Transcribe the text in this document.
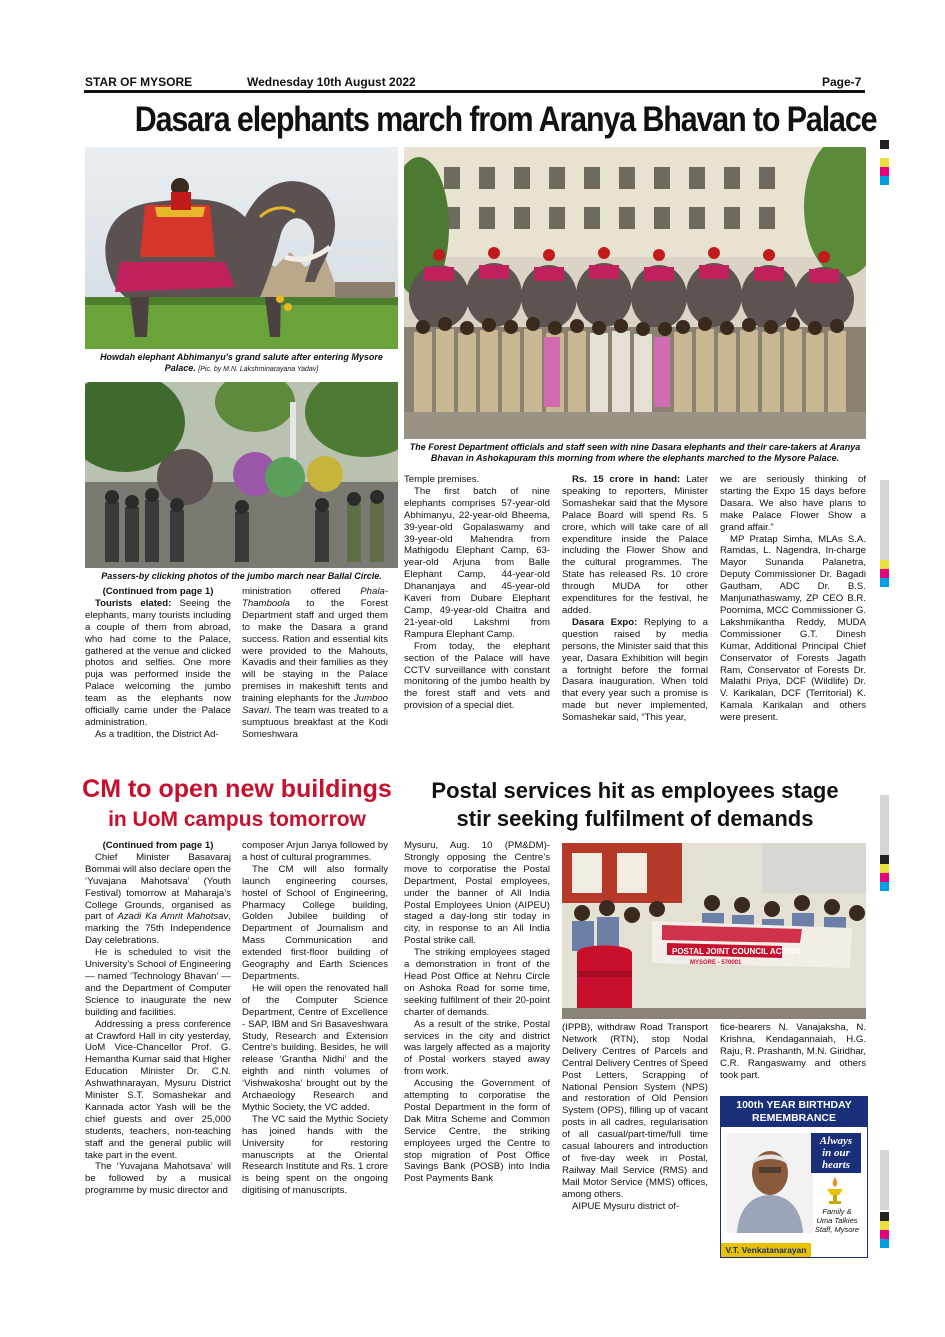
STAR OF MYSORE	Wednesday 10th August 2022	Page-7
Dasara elephants march from Aranya Bhavan to Palace
Howdah elephant Abhimanyu's grand salute after entering Mysore Palace. [Pic. by M.N. Lakshminarayana Yadav]
The Forest Department officials and staff seen with nine Dasara elephants and their care-takers at Aranya Bhavan in Ashokapuram this morning from where the elephants marched to the Mysore Palace.
Passers-by clicking photos of the jumbo march near Ballal Circle.

(Continued from page 1)

Tourists elated: Seeing the elephants, many tourists including a couple of them from abroad, who had come to the Palace, gathered at the venue and clicked photos and selfies. One more puja was performed inside the Palace welcoming the jumbo team as the elephants now officially came under the Palace administration.

As a tradition, the District Ad-

ministration offered Phala-Thamboola to the Forest Department staff and urged them to make the Dasara a grand success. Ration and essential kits were provided to the Mahouts, Kavadis and their families as they will be staying in the Palace premises in makeshift tents and training elephants for the Jumboo Savari. The team was treated to a sumptuous breakfast at the Kodi Someshwara

Temple premises.

The first batch of nine elephants comprises 57-year-old Abhimanyu, 22-year-old Bheema, 39-year-old Gopalaswamy and 39-year-old Mahendra from Mathigodu Elephant Camp, 63-year-old Arjuna from Balle Elephant Camp, 44-year-old Dhananjaya and 45-year-old Kaveri from Dubare Elephant Camp, 49-year-old Chaitra and 21-year-old Lakshmi from Rampura Elephant Camp.

From today, the elephant section of the Palace will have CCTV surveillance with constant monitoring of the jumbo health by the forest staff and vets and provision of a special diet.

Rs. 15 crore in hand: Later speaking to reporters, Minister Somashekar said that the Mysore Palace Board will spend Rs. 5 crore, which will take care of all expenditure inside the Palace including the Flower Show and the cultural programmes. The State has released Rs. 10 crore through MUDA for other expenditures for the festival, he added.

Dasara Expo: Replying to a question raised by media persons, the Minister said that this year, Dasara Exhibition will begin a fortnight before the formal Dasara inauguration. When told that every year such a promise is made but never implemented, Somashekar said, “This year,

we are seriously thinking of starting the Expo 15 days before Dasara. We also have plans to make Palace Flower Show a grand affair.”

MP Pratap Simha, MLAs S.A. Ramdas, L. Nagendra, In-charge Mayor Sunanda Palanetra, Deputy Commissioner Dr. Bagadi Gautham, ADC Dr. B.S. Manjunathaswamy, ZP CEO B.R. Poornima, MCC Commissioner G. Lakshmikantha Reddy, MUDA Commissioner G.T. Dinesh Kumar, Additional Principal Chief Conservator of Forests Jagath Ram, Conservator of Forests Dr. Malathi Priya, DCF (Wildlife) Dr. V. Karikalan, DCF (Territorial) K. Kamala Karikalan and others were present.

CM to open new buildings
in UoM campus tomorrow

(Continued from page 1)

Chief Minister Basavaraj Bommai will also declare open the ‘Yuvajana Mahotsava’ (Youth Festival) tomorrow at Maharaja’s College Grounds, organised as part of Azadi Ka Amrit Mahotsav, marking the 75th Independence Day celebrations.

He is scheduled to visit the University’s School of Engineering — named ‘Technology Bhavan’ — and the Department of Computer Science to inaugurate the new building and facilities.

Addressing a press conference at Crawford Hall in city yesterday, UoM Vice-Chancellor Prof. G. Hemantha Kumar said that Higher Education Minister Dr. C.N. Ashwathnarayan, Mysuru District Minister S.T. Somashekar and Kannada actor Yash will be the chief guests and over 25,000 students, teachers, non-teaching staff and the general public will take part in the event.

The ‘Yuvajana Mahotsava’ will be followed by a musical programme by music director and

composer Arjun Janya followed by a host of cultural programmes.

The CM will also formally launch engineering courses, hostel of School of Engineering, Pharmacy College building, Golden Jubilee building of Department of Journalism and Mass Communication and extended first-floor building of Geography and Earth Sciences Departments.

He will open the renovated hall of the Computer Science Department, Centre of Excellence - SAP, IBM and Sri Basaveshwara Study, Research and Extension Centre’s building. Besides, he will release ‘Grantha Nidhi’ and the eighth and ninth volumes of ‘Vishwakosha’ brought out by the Archaeology Research and Mythic Society, the VC added.

The VC said the Mythic Society has joined hands with the University for restoring manuscripts at the Oriental Research Institute and Rs. 1 crore is being spent on the ongoing digitising of manuscripts.

Postal services hit as employees stage
stir seeking fulfilment of demands

Mysuru, Aug. 10 (PM&DM)- Strongly opposing the Centre’s move to corporatise the Postal Department, Postal employees, under the banner of All India Postal Employees Union (AIPEU) staged a day-long stir today in city, in response to an All India Postal strike call.

The striking employees staged a demonstration in front of the Head Post Office at Nehru Circle on Ashoka Road for some time, seeking fulfilment of their 20-point charter of demands.

As a result of the strike, Postal services in the city and district was largely affected as a majority of Postal workers stayed away from work.

Accusing the Government of attempting to corporatise the Postal Department in the form of Dak Mitra Scheme and Common Service Centre, the striking employees urged the Centre to stop migration of Post Office Savings Bank (POSB) into India Post Payments Bank

POSTAL JOINT COUNCIL ACTION
MYSORE - 570001

(IPPB), withdraw Road Transport Network (RTN), stop Nodal Delivery Centres of Parcels and Central Delivery Centres of Speed Post Letters, Scrapping of National Pension System (NPS) and restoration of Old Pension System (OPS), filling up of vacant posts in all cadres, regularisation of all casual/part-time/full time casual labourers and introduction of five-day week in Postal, Railway Mail Service (RMS) and Mail Motor Service (MMS) offices, among others.

AIPUE Mysuru district of-

fice-bearers N. Vanajaksha, N. Krishna, Kendagannaiah, H.G. Raju, R. Prashanth, M.N. Giridhar, C.R. Rangaswamy and others took part.

100th YEAR BIRTHDAY
REMEMBRANCE
Always
in our
hearts
Family &
Uma Talkies
Staff, Mysore
V.T. Venkatanarayan
